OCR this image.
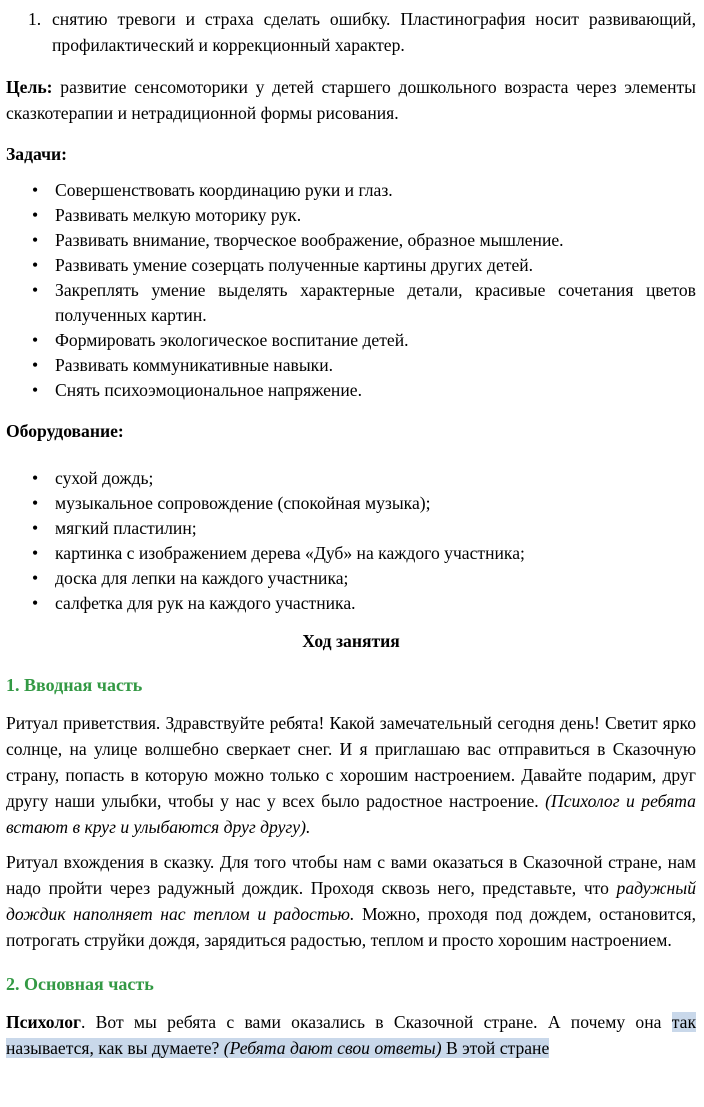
1. снятию тревоги и страха сделать ошибку. Пластинография носит развивающий, профилактический и коррекционный характер.

Цель: развитие сенсомоторики у детей старшего дошкольного возраста через элементы сказкотерапии и нетрадиционной формы рисования.

Задачи:

• Совершенствовать координацию руки и глаз.
• Развивать мелкую моторику рук.
• Развивать внимание, творческое воображение, образное мышление.
• Развивать умение созерцать полученные картины других детей.
• Закреплять умение выделять характерные детали, красивые сочетания цветов полученных картин.
• Формировать экологическое воспитание детей.
• Развивать коммуникативные навыки.
• Снять психоэмоциональное напряжение.

Оборудование:

• сухой дождь;
• музыкальное сопровождение (спокойная музыка);
• мягкий пластилин;
• картинка с изображением дерева «Дуб» на каждого участника;
• доска для лепки на каждого участника;
• салфетка для рук на каждого участника.

Ход занятия

1. Вводная часть

Ритуал приветствия. Здравствуйте ребята! Какой замечательный сегодня день! Светит ярко солнце, на улице волшебно сверкает снег. И я приглашаю вас отправиться в Сказочную страну, попасть в которую можно только с хорошим настроением. Давайте подарим, друг другу наши улыбки, чтобы у нас у всех было радостное настроение. (Психолог и ребята встают в круг и улыбаются друг другу).

Ритуал вхождения в сказку. Для того чтобы нам с вами оказаться в Сказочной стране, нам надо пройти через радужный дождик. Проходя сквозь него, представьте, что радужный дождик наполняет нас теплом и радостью. Можно, проходя под дождем, остановится, потрогать струйки дождя, зарядиться радостью, теплом и просто хорошим настроением.

2. Основная часть

Психолог. Вот мы ребята с вами оказались в Сказочной стране. А почему она так называется, как вы думаете? (Ребята дают свои ответы) В этой стране
